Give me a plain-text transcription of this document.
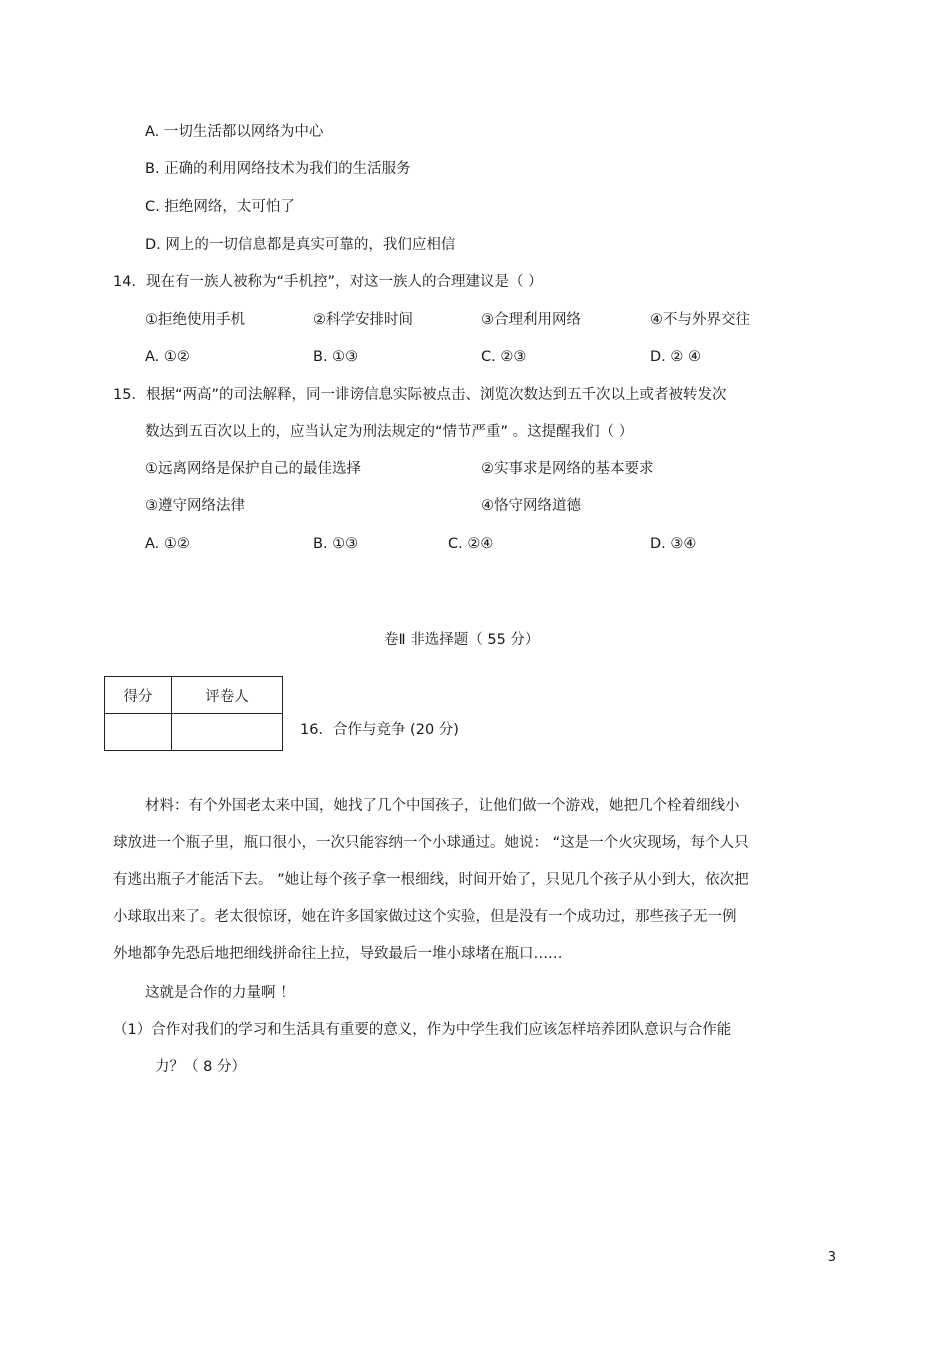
A. 一切生活都以网络为中心
B. 正确的利用网络技术为我们的生活服务
C. 拒绝网络，太可怕了
D. 网上的一切信息都是真实可靠的，我们应相信
14．现在有一族人被称为“手机控”，对这一族人的合理建议是（ ）
①拒绝使用手机	②科学安排时间	③合理利用网络	④不与外界交往
A. ①②	B. ①③	C. ②③	D. ② ④
15．根据“两高”的司法解释，同一诽谤信息实际被点击、浏览次数达到五千次以上或者被转发次
数达到五百次以上的，应当认定为刑法规定的“情节严重” 。这提醒我们（ ）
①远离网络是保护自己的最佳选择	②实事求是网络的基本要求
③遵守网络法律	④恪守网络道德
A. ①②	B. ①③	C. ②④	D. ③④
卷Ⅱ 非选择题（ 55 分）
得分	评卷人

16．合作与竞争 (20 分)
材料：有个外国老太来中国，她找了几个中国孩子，让他们做一个游戏，她把几个栓着细线小
球放进一个瓶子里，瓶口很小，一次只能容纳一个小球通过。她说： “这是一个火灾现场，每个人只
有逃出瓶子才能活下去。 ”她让每个孩子拿一根细线，时间开始了，只见几个孩子从小到大，依次把
小球取出来了。老太很惊讶，她在许多国家做过这个实验，但是没有一个成功过，那些孩子无一例
外地都争先恐后地把细线拼命往上拉，导致最后一堆小球堵在瓶口……
这就是合作的力量啊 ！
（1）合作对我们的学习和生活具有重要的意义，作为中学生我们应该怎样培养团队意识与合作能
力？（ 8 分）
3
